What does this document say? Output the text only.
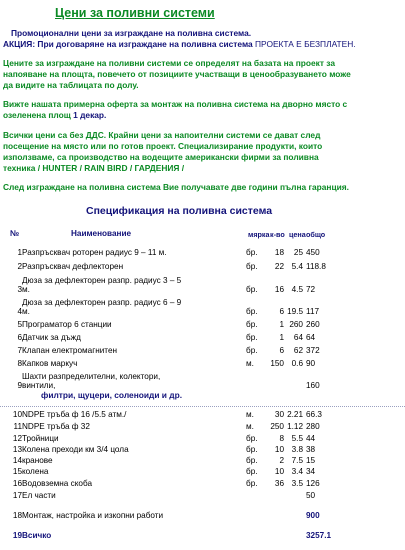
Цени за поливни системи
Промоционални цени за изграждане на поливна система.
АКЦИЯ: При договаряне на изграждане на поливна система ПРОЕКТА Е БЕЗПЛАТЕН.
Цените за изграждане на поливни системи се определят на базата на проект за
напояване на площта, повечето от позициите участващи в ценообразуването може
да видите на таблицата по долу.
Вижте нашата примерна оферта за монтаж на поливна система на дворно място с
озеленена площ 1 декар.
Всички цени са без ДДС. Крайни цени за напоителни системи се дават след
посещение на място или по готов проект. Специализирание продукти, които
използваме, са производство на водещите американски фирми за поливна
техника / HUNTER / RAIN BIRD / ГАРДЕНИЯ /
След изграждане на поливна система Вие получавате две години пълна гаранция.
Спецификация на поливна система
№	Наименование	мярка к-во цена общо
1 Разпръсквач роторен радиус 9 – 11 м.	бр.	18	25 450
2 Разпръсквач дефлекторен	бр.	22 5.4 118.8
Дюза за дефлекторен разпр. радиус 3 – 5
3 м.	бр.	16 4.5 72
Дюза за дефлекторен разпр. радиус 6 – 9
4 м.	бр.	6 19.5 117
5 Програматор 6 станции	бр.	1 260 260
6 Датчик за дъжд	бр.	1	64 64
7 Клапан електромагнитен	бр.	6	62 372
8 Капков маркуч	м.	150 0.6 90
Шахти разпределителни, колектори,
9 винтили,	160
филтри, щуцери, соленоиди и др.
10 NDPE тръба ф 16 /5.5 атм./	м.	30 2.21 66.3
11 NDPE тръба ф 32	м.	250 1.12 280
12 Тройници	бр.	8 5.5 44
13 Колена преходи км 3/4 цола	бр.	10 3.8 38
14 кранове	бр.	2 7.5 15
15 колена	бр.	10 3.4 34
16 Водовземна скоба	бр.	36 3.5 126
17 Ел части	50
18 Монтаж, настройка и изкопни работи	900
19 Всичко	3257.1
